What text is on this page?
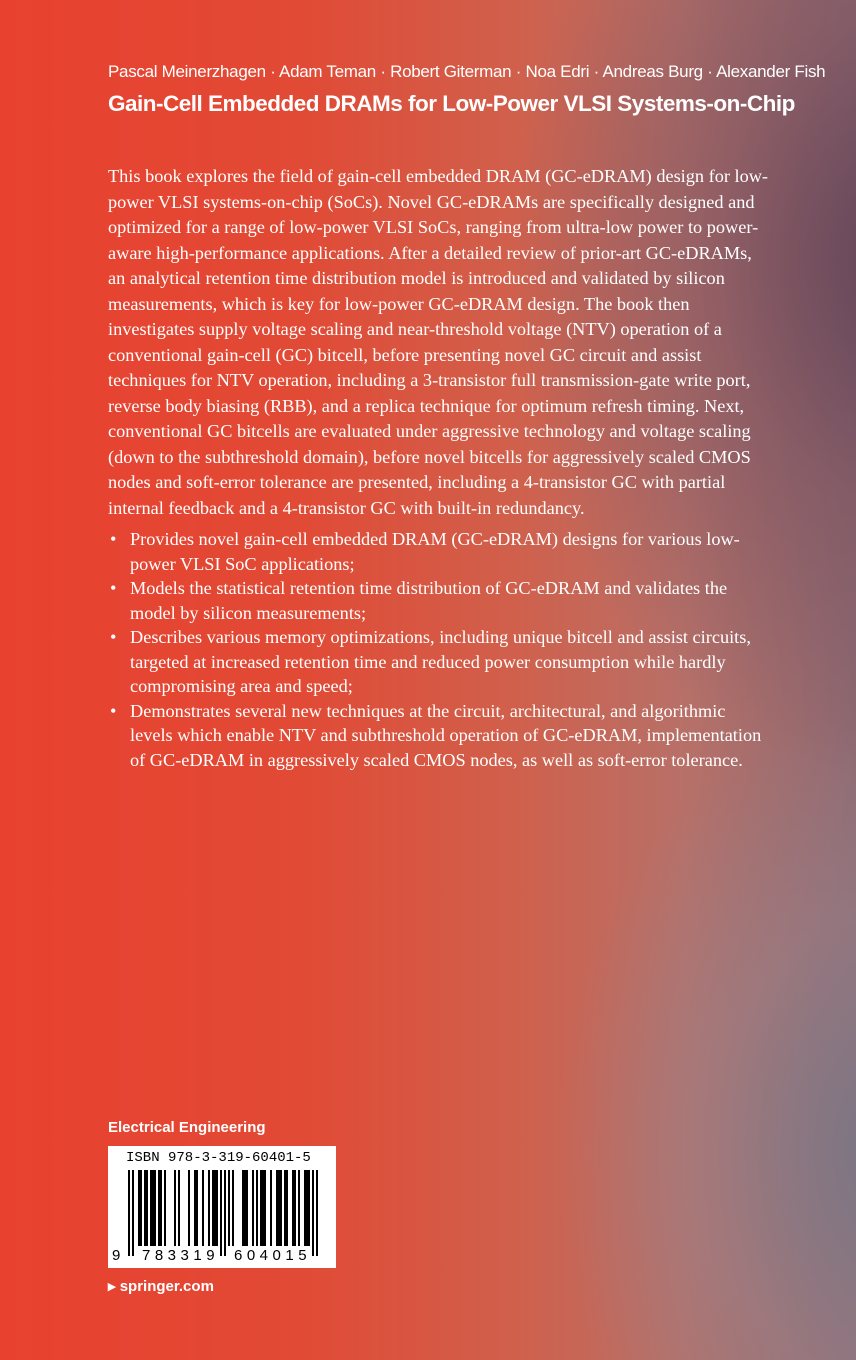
Pascal Meinerzhagen · Adam Teman · Robert Giterman · Noa Edri · Andreas Burg · Alexander Fish
Gain-Cell Embedded DRAMs for Low-Power VLSI Systems-on-Chip

This book explores the field of gain-cell embedded DRAM (GC-eDRAM) design for low-power VLSI systems-on-chip (SoCs). Novel GC-eDRAMs are specifically designed and optimized for a range of low-power VLSI SoCs, ranging from ultra-low power to power-aware high-performance applications. After a detailed review of prior-art GC-eDRAMs, an analytical retention time distribution model is introduced and validated by silicon measurements, which is key for low-power GC-eDRAM design. The book then investigates supply voltage scaling and near-threshold voltage (NTV) operation of a conventional gain-cell (GC) bitcell, before presenting novel GC circuit and assist techniques for NTV operation, including a 3-transistor full transmission-gate write port, reverse body biasing (RBB), and a replica technique for optimum refresh timing. Next, conventional GC bitcells are evaluated under aggressive technology and voltage scaling (down to the subthreshold domain), before novel bitcells for aggressively scaled CMOS nodes and soft-error tolerance are presented, including a 4-transistor GC with partial internal feedback and a 4-transistor GC with built-in redundancy.

• Provides novel gain-cell embedded DRAM (GC-eDRAM) designs for various low-power VLSI SoC applications;
• Models the statistical retention time distribution of GC-eDRAM and validates the model by silicon measurements;
• Describes various memory optimizations, including unique bitcell and assist circuits, targeted at increased retention time and reduced power consumption while hardly compromising area and speed;
• Demonstrates several new techniques at the circuit, architectural, and algorithmic levels which enable NTV and subthreshold operation of GC-eDRAM, implementation of GC-eDRAM in aggressively scaled CMOS nodes, as well as soft-error tolerance.
Electrical Engineering
ISBN 978-3-319-60401-5
9 783319 604015
▸ springer.com
